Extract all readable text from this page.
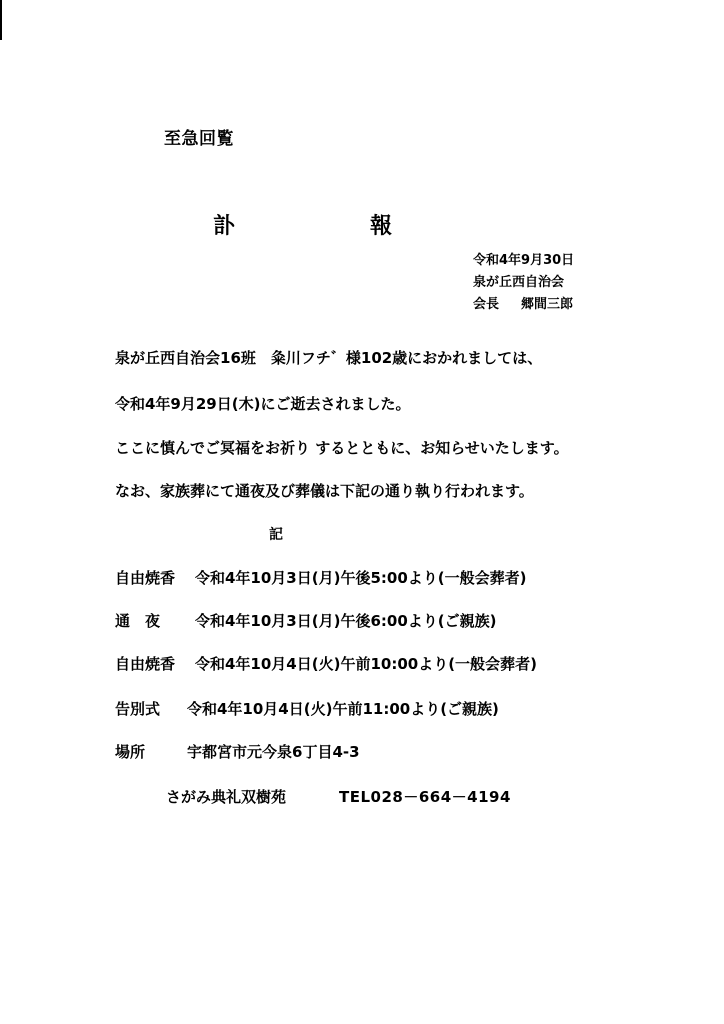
至急回覧
訃	報
令和4年9月30日
泉が丘西自治会
会長 郷間三郎
泉が丘西自治会16班　粂川フチ゛様102歳におかれましては、
令和4年9月29日(木)にご逝去されました。
ここに慎んでご冥福をお祈り するとともに、お知らせいたします。
なお、家族葬にて通夜及び葬儀は下記の通り執り行われます。
記
自由焼香 令和4年10月3日(月)午後5:00より(一般会葬者)
通　夜 令和4年10月3日(月)午後6:00より(ご親族)
自由焼香 令和4年10月4日(火)午前10:00より(一般会葬者)
告別式 令和4年10月4日(火)午前11:00より(ご親族)
場所	宇都宮市元今泉6丁目4-3
さがみ典礼双樹苑	TEL028－664－4194
